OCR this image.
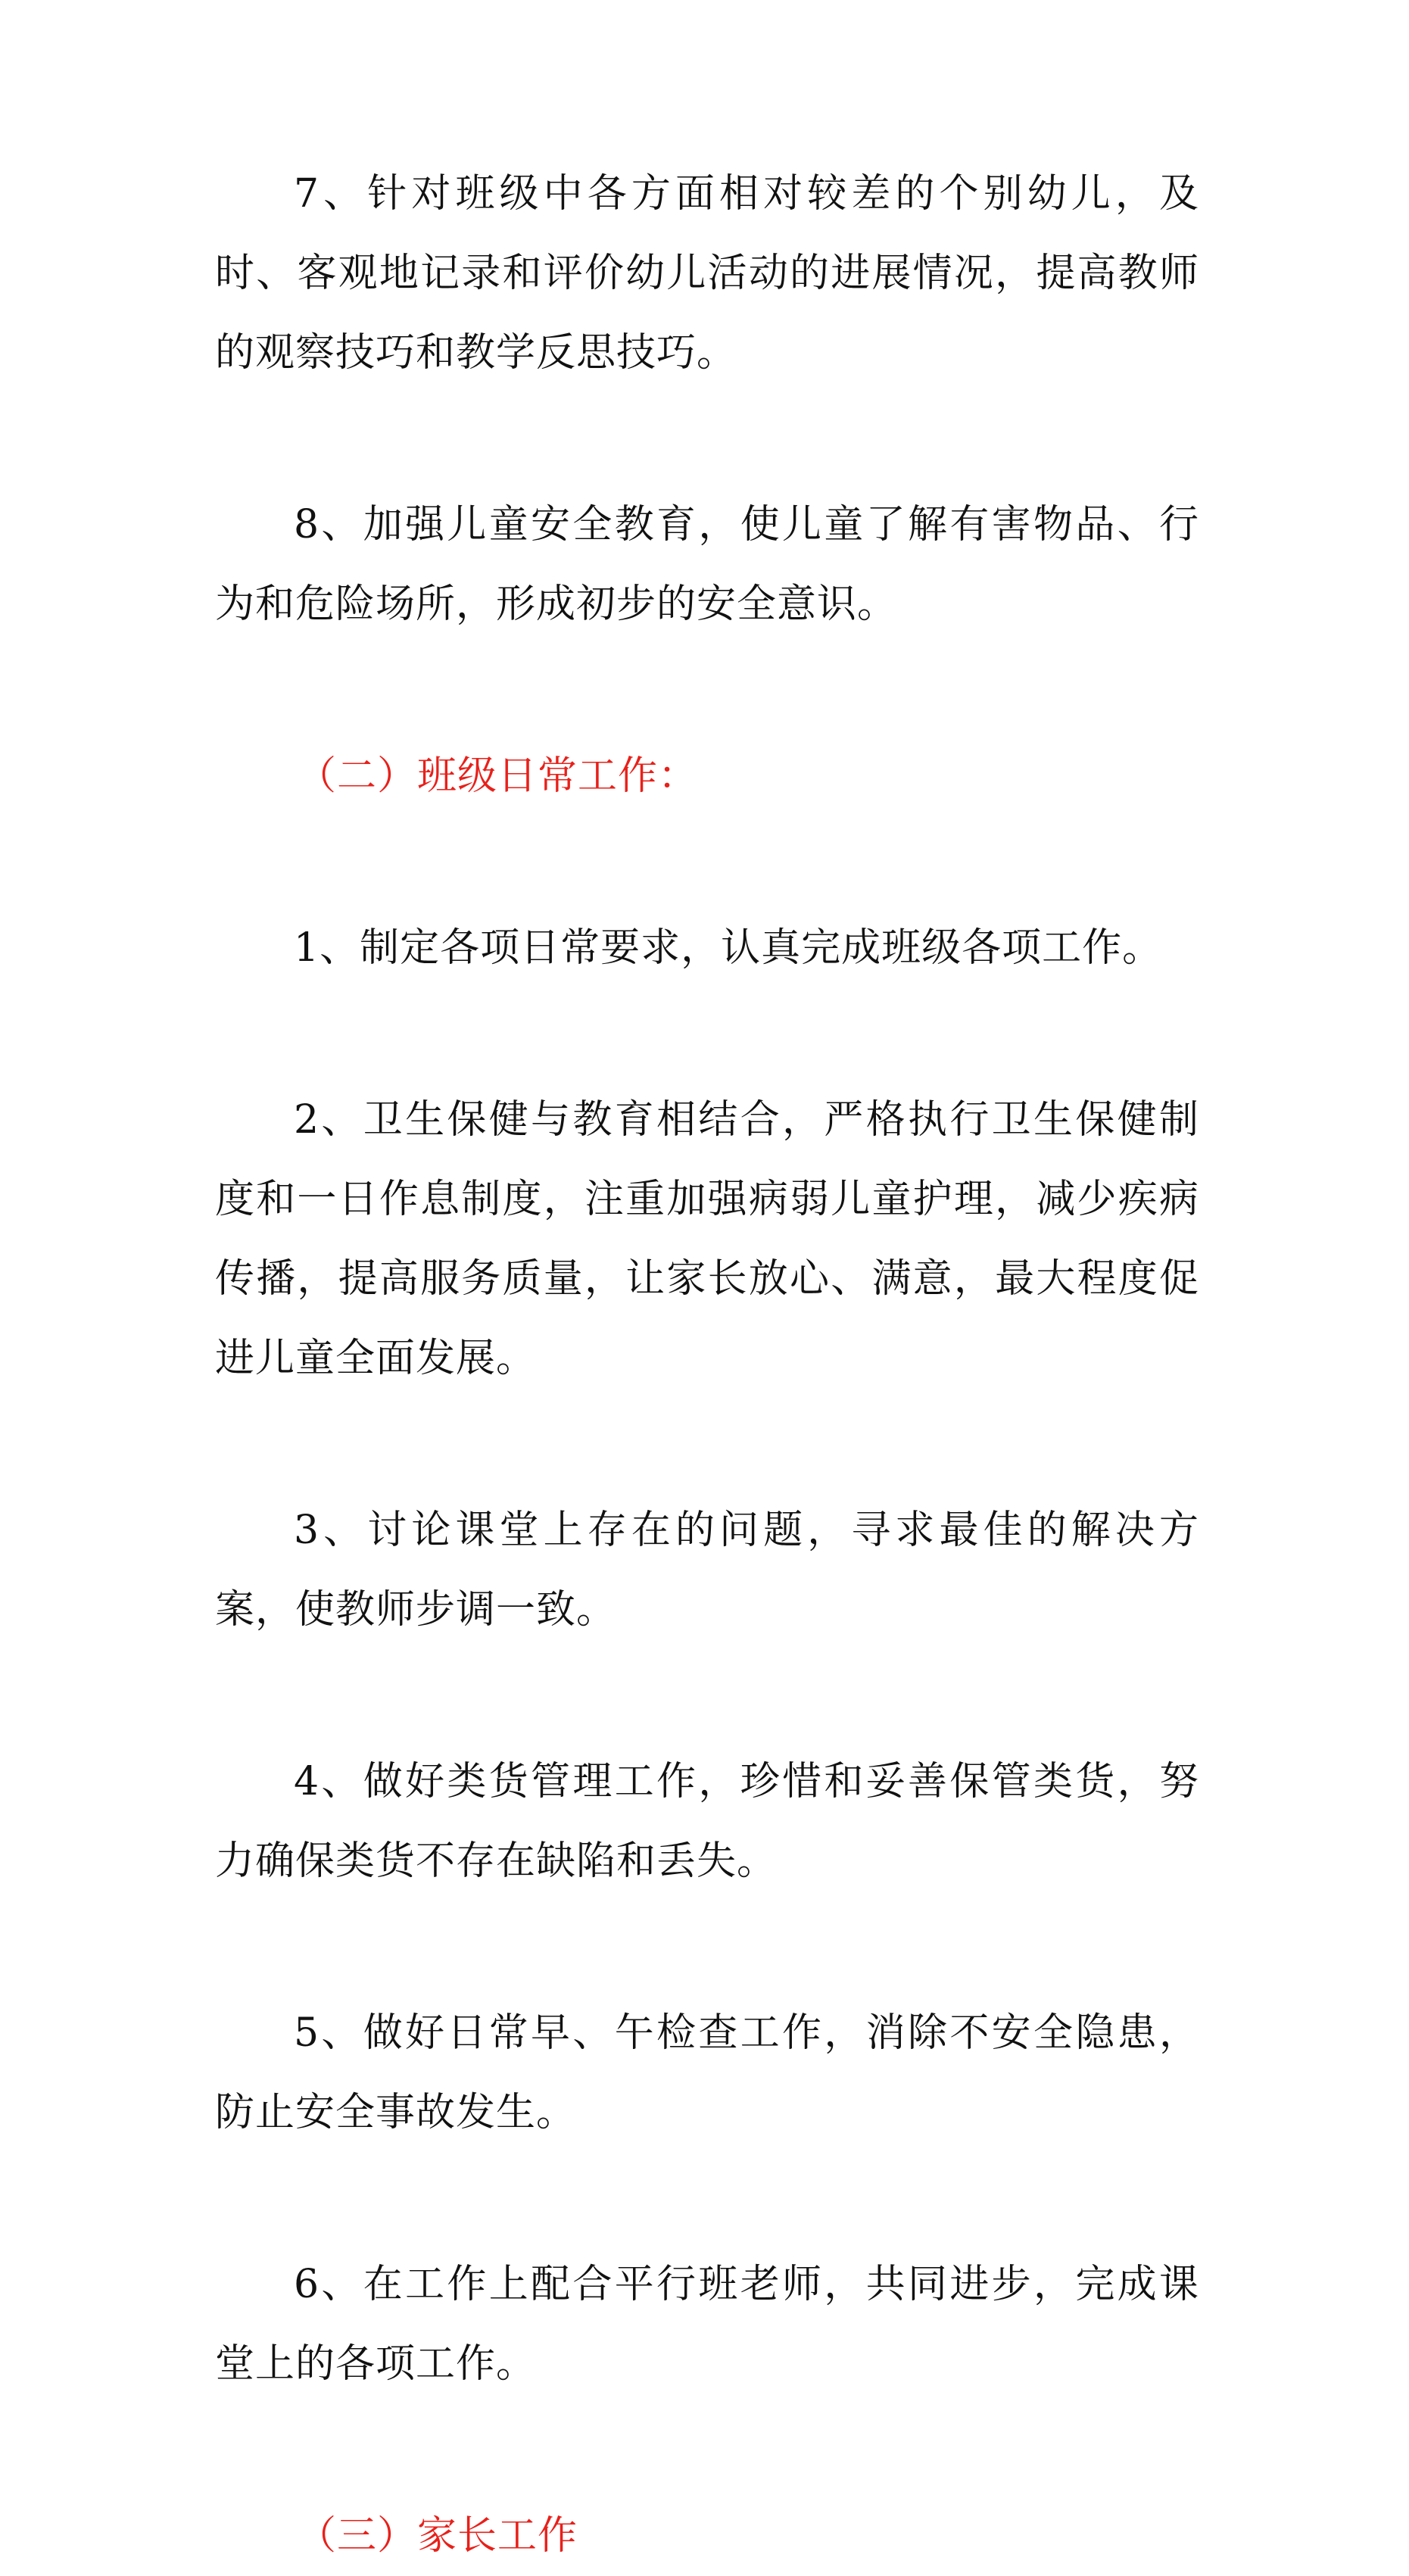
7、针对班级中各方面相对较差的个别幼儿，及时、客观地记录和评价幼儿活动的进展情况，提高教师的观察技巧和教学反思技巧。

8、加强儿童安全教育，使儿童了解有害物品、行为和危险场所，形成初步的安全意识。

（二）班级日常工作：

1、制定各项日常要求，认真完成班级各项工作。

2、卫生保健与教育相结合，严格执行卫生保健制度和一日作息制度，注重加强病弱儿童护理，减少疾病传播，提高服务质量，让家长放心、满意，最大程度促进儿童全面发展。

3、讨论课堂上存在的问题，寻求最佳的解决方案，使教师步调一致。

4、做好类货管理工作，珍惜和妥善保管类货，努力确保类货不存在缺陷和丢失。

5、做好日常早、午检查工作，消除不安全隐患，防止安全事故发生。

6、在工作上配合平行班老师，共同进步，完成课堂上的各项工作。

（三）家长工作
